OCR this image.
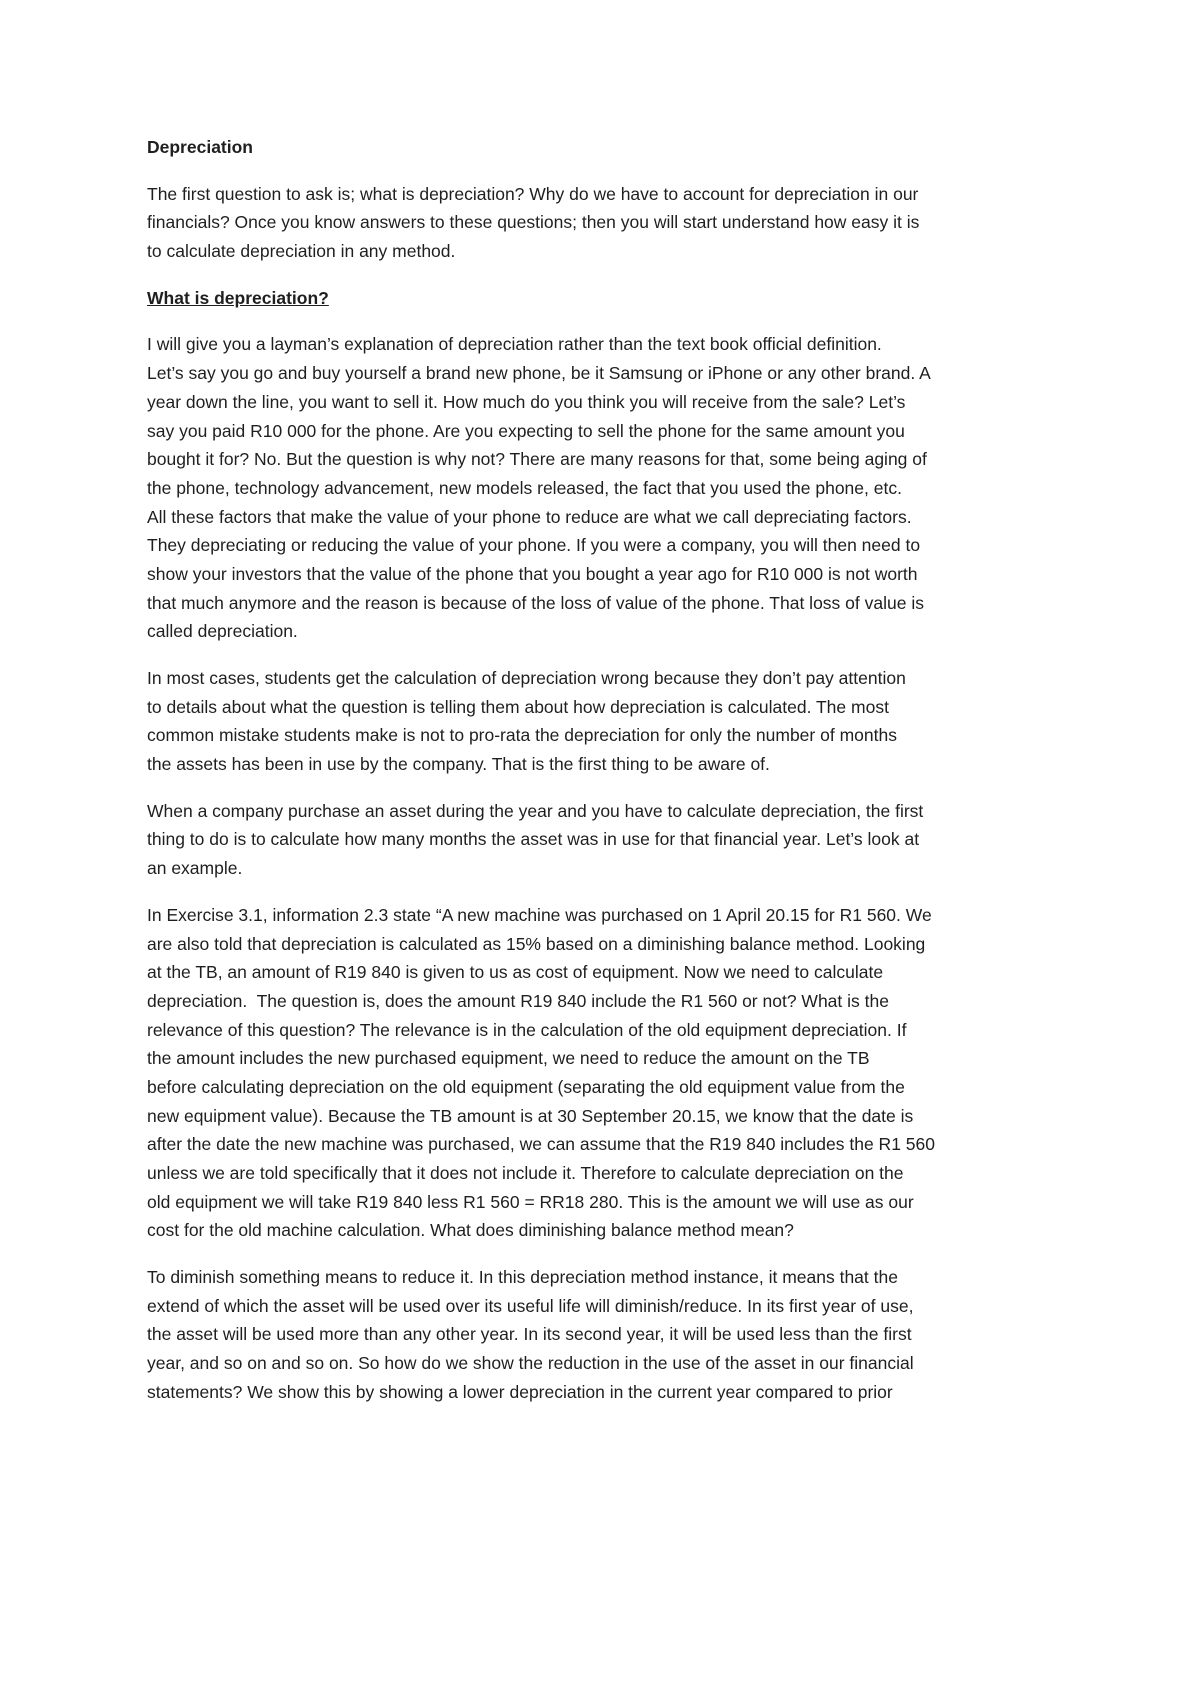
Depreciation
The first question to ask is; what is depreciation? Why do we have to account for depreciation in our
financials? Once you know answers to these questions; then you will start understand how easy it is
to calculate depreciation in any method.
What is depreciation?
I will give you a layman’s explanation of depreciation rather than the text book official definition.
Let’s say you go and buy yourself a brand new phone, be it Samsung or iPhone or any other brand. A
year down the line, you want to sell it. How much do you think you will receive from the sale? Let’s
say you paid R10 000 for the phone. Are you expecting to sell the phone for the same amount you
bought it for? No. But the question is why not? There are many reasons for that, some being aging of
the phone, technology advancement, new models released, the fact that you used the phone, etc.
All these factors that make the value of your phone to reduce are what we call depreciating factors.
They depreciating or reducing the value of your phone. If you were a company, you will then need to
show your investors that the value of the phone that you bought a year ago for R10 000 is not worth
that much anymore and the reason is because of the loss of value of the phone. That loss of value is
called depreciation.
In most cases, students get the calculation of depreciation wrong because they don’t pay attention
to details about what the question is telling them about how depreciation is calculated. The most
common mistake students make is not to pro-rata the depreciation for only the number of months
the assets has been in use by the company. That is the first thing to be aware of.
When a company purchase an asset during the year and you have to calculate depreciation, the first
thing to do is to calculate how many months the asset was in use for that financial year. Let’s look at
an example.
In Exercise 3.1, information 2.3 state “A new machine was purchased on 1 April 20.15 for R1 560. We
are also told that depreciation is calculated as 15% based on a diminishing balance method. Looking
at the TB, an amount of R19 840 is given to us as cost of equipment. Now we need to calculate
depreciation.  The question is, does the amount R19 840 include the R1 560 or not? What is the
relevance of this question? The relevance is in the calculation of the old equipment depreciation. If
the amount includes the new purchased equipment, we need to reduce the amount on the TB
before calculating depreciation on the old equipment (separating the old equipment value from the
new equipment value). Because the TB amount is at 30 September 20.15, we know that the date is
after the date the new machine was purchased, we can assume that the R19 840 includes the R1 560
unless we are told specifically that it does not include it. Therefore to calculate depreciation on the
old equipment we will take R19 840 less R1 560 = RR18 280. This is the amount we will use as our
cost for the old machine calculation. What does diminishing balance method mean?
To diminish something means to reduce it. In this depreciation method instance, it means that the
extend of which the asset will be used over its useful life will diminish/reduce. In its first year of use,
the asset will be used more than any other year. In its second year, it will be used less than the first
year, and so on and so on. So how do we show the reduction in the use of the asset in our financial
statements? We show this by showing a lower depreciation in the current year compared to prior
